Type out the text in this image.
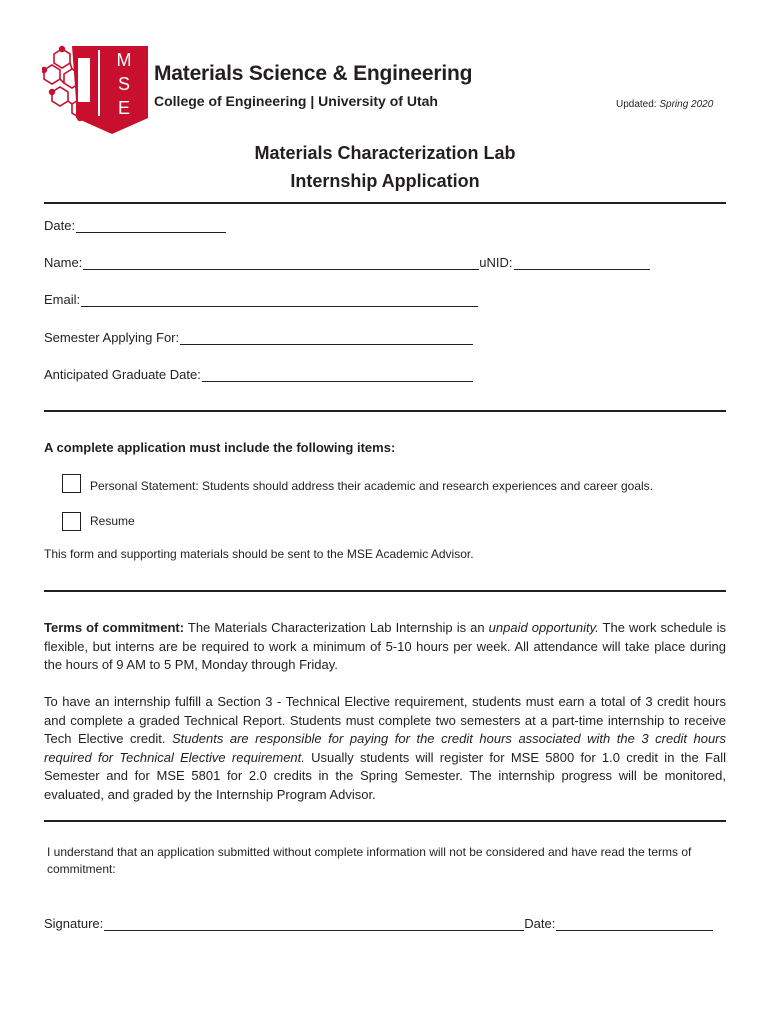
M
S
E
Materials Science & Engineering
College of Engineering | University of Utah	Updated: Spring 2020
Materials Characterization Lab
Internship Application
Date:
Name:	uNID:
Email:
Semester Applying For:
Anticipated Graduate Date:
A complete application must include the following items:
Personal Statement: Students should address their academic and research experiences and career goals.
Resume
This form and supporting materials should be sent to the MSE Academic Advisor.
Terms of commitment: The Materials Characterization Lab Internship is an unpaid opportunity. The work schedule is flexible, but interns are be required to work a minimum of 5-10 hours per week. All attendance will take place during the hours of 9 AM to 5 PM, Monday through Friday.
To have an internship fulfill a Section 3 - Technical Elective requirement, students must earn a total of 3 credit hours and complete a graded Technical Report. Students must complete two semesters at a part-time internship to receive Tech Elective credit. Students are responsible for paying for the credit hours associated with the 3 credit hours required for Technical Elective requirement. Usually students will register for MSE 5800 for 1.0 credit in the Fall Semester and for MSE 5801 for 2.0 credits in the Spring Semester. The internship progress will be monitored, evaluated, and graded by the Internship Program Advisor.
I understand that an application submitted without complete information will not be considered and have read the terms of commitment:
Signature:	Date:
